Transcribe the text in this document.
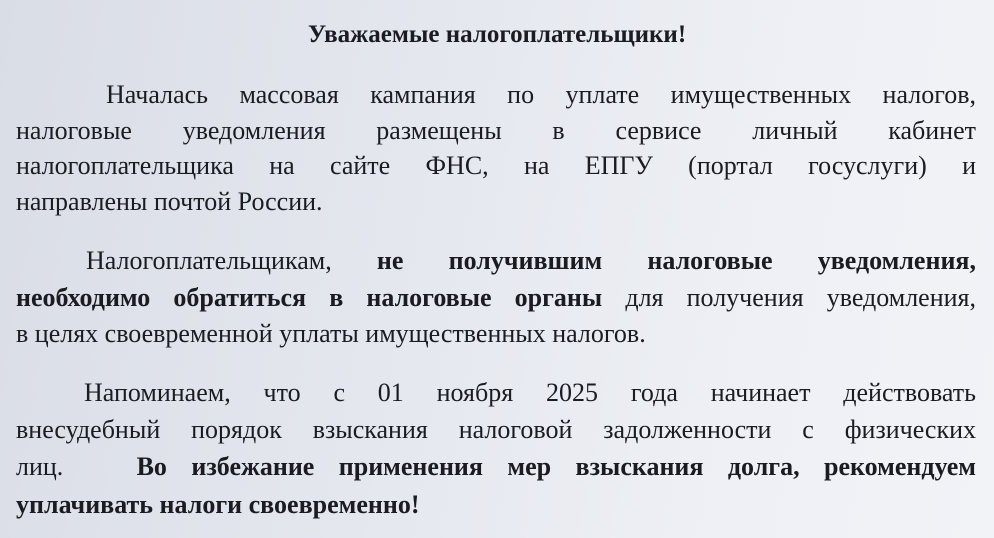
Уважаемые налогоплательщики!
Началась массовая кампания по уплате имущественных налогов,
налоговые уведомления размещены в сервисе личный кабинет
налогоплательщика на сайте ФНС, на ЕПГУ (портал госуслуги) и
направлены почтой России.
Налогоплательщикам, не получившим налоговые уведомления,
необходимо обратиться в налоговые органы для получения уведомления,
в целях своевременной уплаты имущественных налогов.
Напоминаем, что с 01 ноября 2025 года начинает действовать
внесудебный порядок взыскания налоговой задолженности с физических
лиц.	Во избежание применения мер взыскания долга, рекомендуем
уплачивать налоги своевременно!
